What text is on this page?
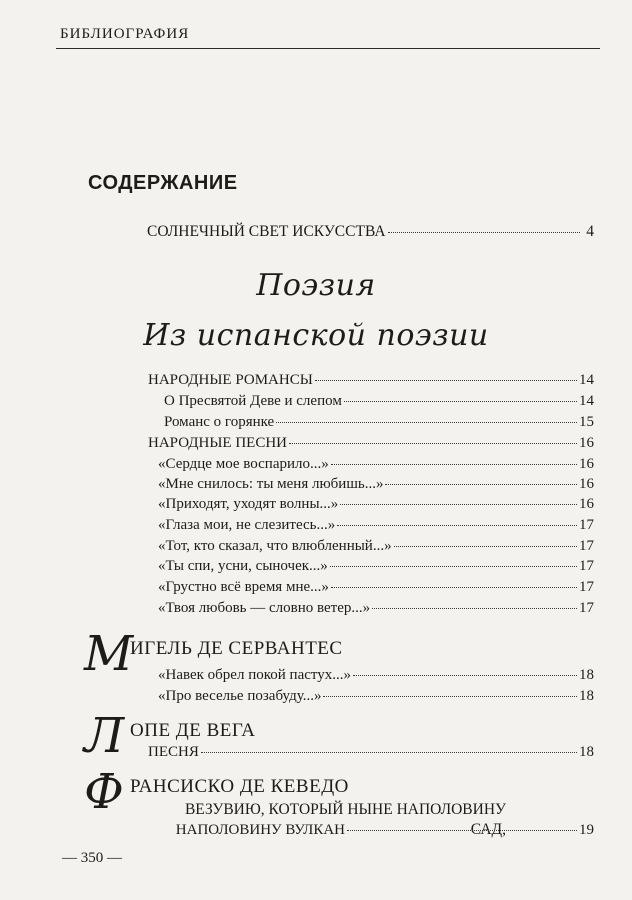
БИБЛИОГРАФИЯ
СОДЕРЖАНИЕ
СОЛНЕЧНЫЙ СВЕТ ИСКУССТВА	4
Поэзия
Из испанской поэзии
НАРОДНЫЕ РОМАНСЫ	14
О Пресвятой Деве и слепом	14
Романс о горянке	15
НАРОДНЫЕ ПЕСНИ	16
«Сердце мое воспарило...»	16
«Мне снилось: ты меня любишь...»	16
«Приходят, уходят волны...»	16
«Глаза мои, не слезитесь...»	17
«Тот, кто сказал, что влюбленный...»	17
«Ты спи, усни, сыночек...»	17
«Грустно всё время мне...»	17
«Твоя любовь — словно ветер...»	17
М
ИГЕЛЬ ДЕ СЕРВАНТЕС
«Навек обрел покой пастух...»	18
«Про веселье позабуду...»	18
Л ОПЕ ДЕ ВЕГА
ПЕСНЯ	18
Ф РАНСИСКО ДЕ КЕВЕДО
ВЕЗУВИЮ, КОТОРЫЙ НЫНЕ НАПОЛОВИНУ САД,
НАПОЛОВИНУ ВУЛКАН	19
— 350 —
